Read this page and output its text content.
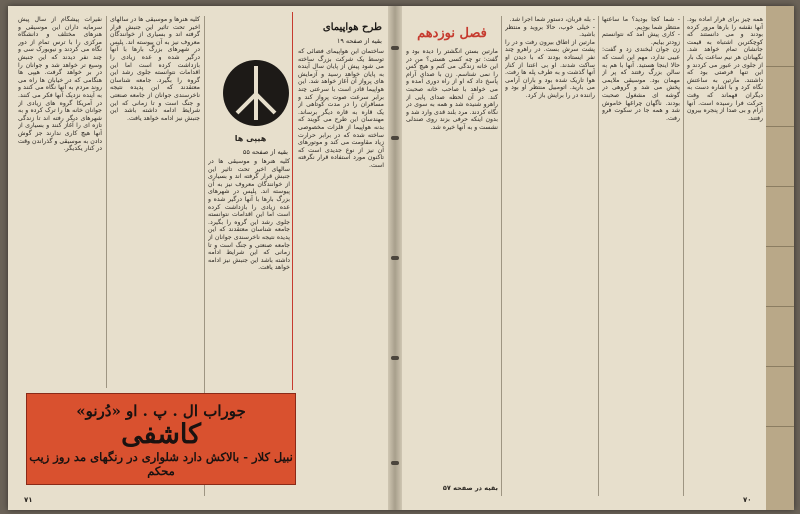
نقیرات پیشگام از سال پیش سرمایه داران این موسیقی و هنرهای مختلف و دانشگاه مرکزی را با ترس تمام از دور نگاه می کردند و نیویورک سی و چند نفر دیدند که این جنبش وسیع تر خواهد شد و جوانان را در بر خواهد گرفت. هیپی ها هنگامی که در خیابان ها راه می روند مردم به آنها نگاه می کنند و به آینده نزدیک آنها فکر می کنند. در آمریکا گروه های زیادی از جوانان خانه ها را ترک کرده و به شهرهای دیگر رفته اند تا زندگی تازه ای را آغاز کنند و بسیاری از آنها هیچ کاری ندارند جز گوش دادن به موسیقی و گذراندن وقت در کنار یکدیگر.
کلیه هنرها و موسیقی ها در سالهای اخیر تحت تاثیر این جنبش قرار گرفته اند و بسیاری از خوانندگان معروف نیز به آن پیوسته اند. پلیس در شهرهای بزرگ بارها با آنها درگیر شده و عده زیادی را بازداشت کرده است اما این اقدامات نتوانسته جلوی رشد این گروه را بگیرد. جامعه شناسان معتقدند که این پدیده نتیجه ناخرسندی جوانان از جامعه صنعتی و جنگ است و تا زمانی که این شرایط ادامه داشته باشد این جنبش نیز ادامه خواهد یافت.
هیپی ها
بقیه از صفحه ۵۵
کلیه هنرها و موسیقی ها در سالهای اخیر تحت تاثیر این جنبش قرار گرفته اند و بسیاری از خوانندگان معروف نیز به آن پیوسته اند. پلیس در شهرهای بزرگ بارها با آنها درگیر شده و عده زیادی را بازداشت کرده است اما این اقدامات نتوانسته جلوی رشد این گروه را بگیرد. جامعه شناسان معتقدند که این پدیده نتیجه ناخرسندی جوانان از جامعه صنعتی و جنگ است و تا زمانی که این شرایط ادامه داشته باشد این جنبش نیز ادامه خواهد یافت.
طرح هواپیمای
بقیه از صفحه ۱۹
ساختمان این هواپیمای فضائی که توسط یک شرکت بزرگ ساخته می شود پیش از پایان سال آینده به پایان خواهد رسید و آزمایش های پرواز آن آغاز خواهد شد. این هواپیما قادر است با سرعتی چند برابر سرعت صوت پرواز کند و مسافران را در مدت کوتاهی از یک قاره به قاره دیگر برساند. مهندسان این طرح می گویند که بدنه هواپیما از فلزات مخصوصی ساخته شده که در برابر حرارت زیاد مقاومت می کند و موتورهای آن نیز از نوع جدیدی است که تاکنون مورد استفاده قرار نگرفته است.
جوراب ال . پ . او «دُرنو»
کاشفی
نبیل کلار - بالاکش دارد شلواری در رنگهای مد روز زیب محکم
۷۱
فصل نوزدهم
مارتین بستن انگشتر را دیده بود و گفت: تو چه کسی هستی؟ من در این خانه زندگی می کنم و هیچ کس را نمی شناسم. زن با صدای آرام پاسخ داد که او از راه دوری آمده و می خواهد با صاحب خانه صحبت کند. در آن لحظه صدای پایی از راهرو شنیده شد و همه به سوی در نگاه کردند. مرد بلند قدی وارد شد و بدون اینکه حرفی بزند روی صندلی نشست و به آنها خیره شد.
- بله قربان، دستور شما اجرا شد.
- خیلی خوب، حالا بروید و منتظر باشید.
مارتین از اطاق بیرون رفت و در را پشت سرش بست. در راهرو چند نفر ایستاده بودند که با دیدن او ساکت شدند. او بی اعتنا از کنار آنها گذشت و به طرف پله ها رفت. هوا تاریک شده بود و باران آرامی می بارید. اتومبیل منتظر او بود و راننده در را برایش باز کرد.
- شما کجا بودید؟ ما ساعتها منتظر شما بودیم.
- کاری پیش آمد که نتوانستم زودتر بیایم.
زن جوان لبخندی زد و گفت: عیبی ندارد، مهم این است که حالا اینجا هستید. آنها با هم به سالن بزرگ رفتند که پر از مهمان بود. موسیقی ملایمی پخش می شد و گروهی در گوشه ای مشغول صحبت بودند. ناگهان چراغها خاموش شد و همه جا در سکوت فرو رفت.
همه چیز برای فرار آماده بود. آنها نقشه را بارها مرور کرده بودند و می دانستند که کوچکترین اشتباه به قیمت جانشان تمام خواهد شد. نگهبانان هر نیم ساعت یک بار از جلوی در عبور می کردند و این تنها فرصتی بود که داشتند. مارتین به ساعتش نگاه کرد و با اشاره دست به دیگران فهماند که وقت حرکت فرا رسیده است. آنها آرام و بی صدا از پنجره بیرون رفتند.
بقیه در صفحه ۵۷
۷۰
